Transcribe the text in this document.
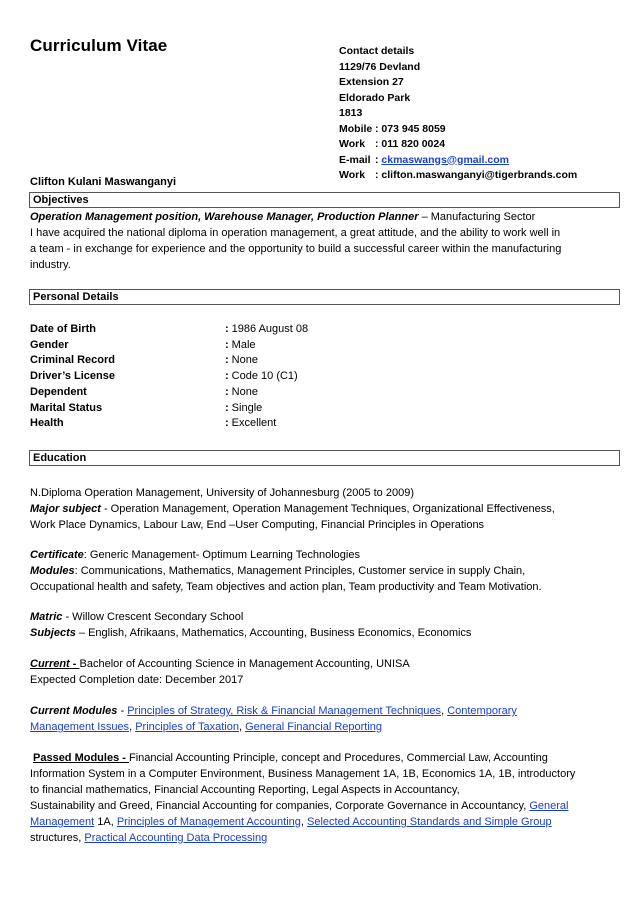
Curriculum Vitae	Contact details
1129/76 Devland
Extension 27
Eldorado Park
1813
Mobile : 073 945 8059
Work : 011 820 0024
E-mail : ckmaswangs@gmail.com
Work : clifton.maswanganyi@tigerbrands.com
Clifton Kulani Maswanganyi
Objectives
Operation Management position, Warehouse Manager, Production Planner – Manufacturing Sector
I have acquired the national diploma in operation management, a great attitude, and the ability to work well in
a team - in exchange for experience and the opportunity to build a successful career within the manufacturing
industry.
Personal Details
Date of Birth	: 1986 August 08
Gender	: Male
Criminal Record	: None
Driver’s License	: Code 10 (C1)
Dependent	: None
Marital Status	: Single
Health	: Excellent
Education
N.Diploma Operation Management, University of Johannesburg (2005 to 2009)
Major subject - Operation Management, Operation Management Techniques, Organizational Effectiveness,
Work Place Dynamics, Labour Law, End –User Computing, Financial Principles in Operations
Certificate: Generic Management- Optimum Learning Technologies
Modules: Communications, Mathematics, Management Principles, Customer service in supply Chain,
Occupational health and safety, Team objectives and action plan, Team productivity and Team Motivation.
Matric - Willow Crescent Secondary School
Subjects – English, Afrikaans, Mathematics, Accounting, Business Economics, Economics
Current - Bachelor of Accounting Science in Management Accounting, UNISA
Expected Completion date: December 2017
Current Modules - Principles of Strategy, Risk & Financial Management Techniques, Contemporary
Management Issues, Principles of Taxation, General Financial Reporting
Passed Modules - Financial Accounting Principle, concept and Procedures, Commercial Law, Accounting
Information System in a Computer Environment, Business Management 1A, 1B, Economics 1A, 1B, introductory
to financial mathematics, Financial Accounting Reporting, Legal Aspects in Accountancy,
Sustainability and Greed, Financial Accounting for companies, Corporate Governance in Accountancy, General
Management 1A, Principles of Management Accounting, Selected Accounting Standards and Simple Group
structures, Practical Accounting Data Processing
